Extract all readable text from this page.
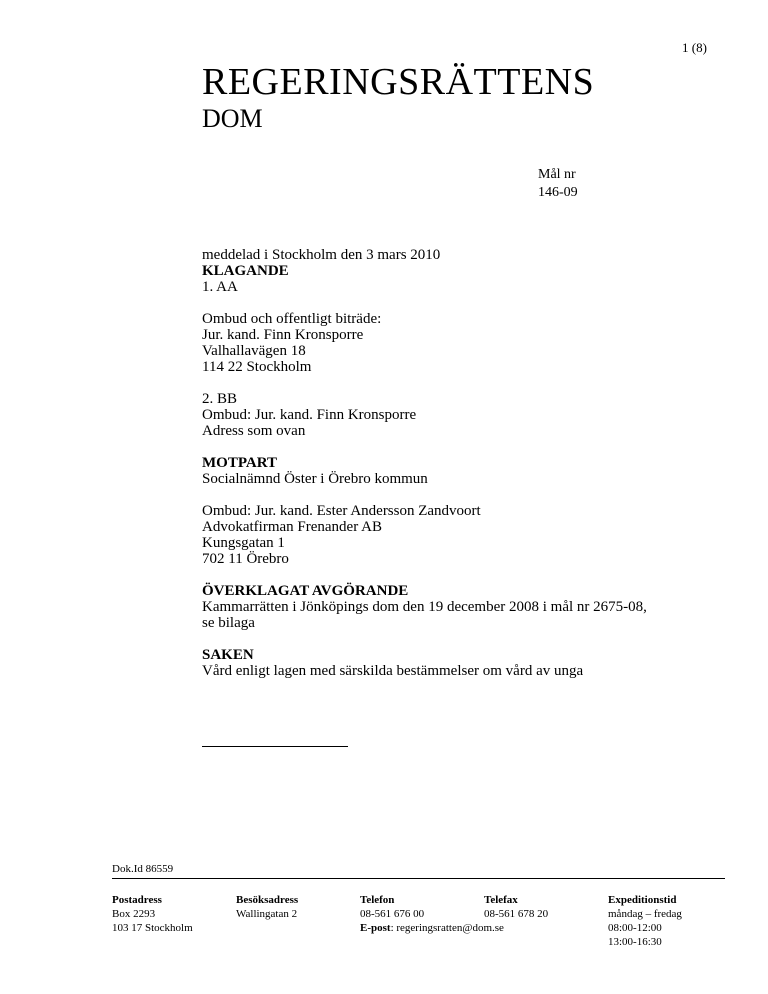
1 (8)
REGERINGSRÄTTENS
DOM
Mål nr
146-09

meddelad i Stockholm den 3 mars 2010

KLAGANDE

1. AA

Ombud och offentligt biträde:

Jur. kand. Finn Kronsporre

Valhallavägen 18

114 22 Stockholm

2. BB

Ombud: Jur. kand. Finn Kronsporre

Adress som ovan

MOTPART

Socialnämnd Öster i Örebro kommun

Ombud: Jur. kand. Ester Andersson Zandvoort

Advokatfirman Frenander AB

Kungsgatan 1

702 11 Örebro

ÖVERKLAGAT AVGÖRANDE

Kammarrätten i Jönköpings dom den 19 december 2008 i mål nr 2675-08,

se bilaga

SAKEN

Vård enligt lagen med särskilda bestämmelser om vård av unga

Dok.Id 86559
Postadress
Box 2293
103 17 Stockholm
Besöksadress
Wallingatan 2
Telefon
08-561 676 00
E-post: regeringsratten@dom.se
Telefax
08-561 678 20
Expeditionstid
måndag – fredag
08:00-12:00
13:00-16:30
